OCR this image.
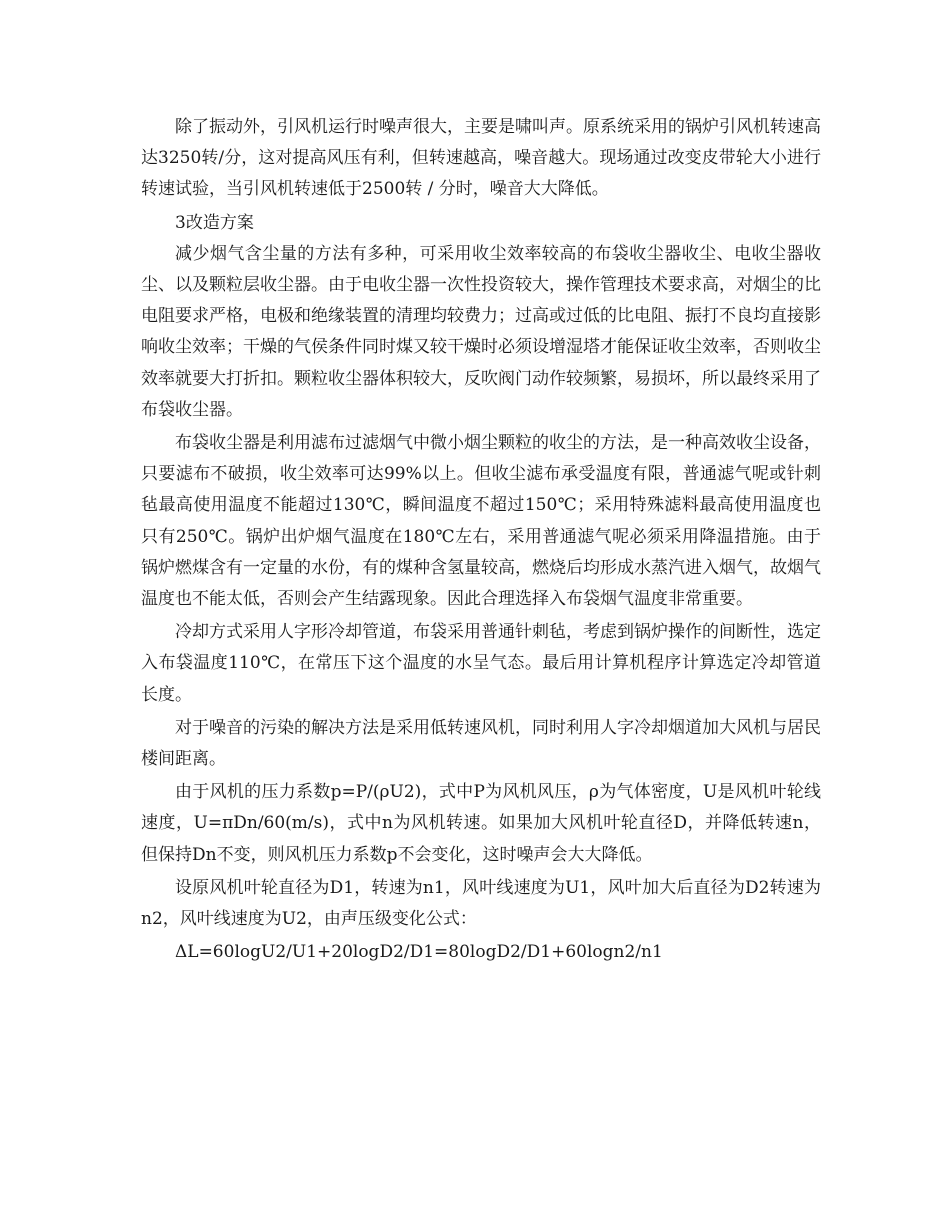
除了振动外，引风机运行时噪声很大，主要是啸叫声。原系统采用的锅炉引风机转速高达3250转/分，这对提高风压有利，但转速越高，噪音越大。现场通过改变皮带轮大小进行转速试验，当引风机转速低于2500转 / 分时，噪音大大降低。

3改造方案

减少烟气含尘量的方法有多种，可采用收尘效率较高的布袋收尘器收尘、电收尘器收尘、以及颗粒层收尘器。由于电收尘器一次性投资较大，操作管理技术要求高，对烟尘的比电阻要求严格，电极和绝缘装置的清理均较费力；过高或过低的比电阻、振打不良均直接影响收尘效率；干燥的气侯条件同时煤又较干燥时必须设增湿塔才能保证收尘效率，否则收尘效率就要大打折扣。颗粒收尘器体积较大，反吹阀门动作较频繁，易损坏，所以最终采用了布袋收尘器。

布袋收尘器是利用滤布过滤烟气中微小烟尘颗粒的收尘的方法，是一种高效收尘设备，只要滤布不破损，收尘效率可达99%以上。但收尘滤布承受温度有限，普通滤气呢或针刺毡最高使用温度不能超过130℃，瞬间温度不超过150℃；采用特殊滤料最高使用温度也只有250℃。锅炉出炉烟气温度在180℃左右，采用普通滤气呢必须采用降温措施。由于锅炉燃煤含有一定量的水份，有的煤种含氢量较高，燃烧后均形成水蒸汽进入烟气，故烟气温度也不能太低，否则会产生结露现象。因此合理选择入布袋烟气温度非常重要。

冷却方式采用人字形冷却管道，布袋采用普通针刺毡，考虑到锅炉操作的间断性，选定入布袋温度110℃，在常压下这个温度的水呈气态。最后用计算机程序计算选定冷却管道长度。

对于噪音的污染的解决方法是采用低转速风机，同时利用人字冷却烟道加大风机与居民楼间距离。

由于风机的压力系数p=P/(ρU2)，式中P为风机风压，ρ为气体密度，U是风机叶轮线速度，U=πDn/60(m/s)，式中n为风机转速。如果加大风机叶轮直径D，并降低转速n，但保持Dn不变，则风机压力系数p不会变化，这时噪声会大大降低。

设原风机叶轮直径为D1，转速为n1，风叶线速度为U1，风叶加大后直径为D2转速为n2，风叶线速度为U2，由声压级变化公式：

ΔL=60logU2/U1+20logD2/D1=80logD2/D1+60logn2/n1
